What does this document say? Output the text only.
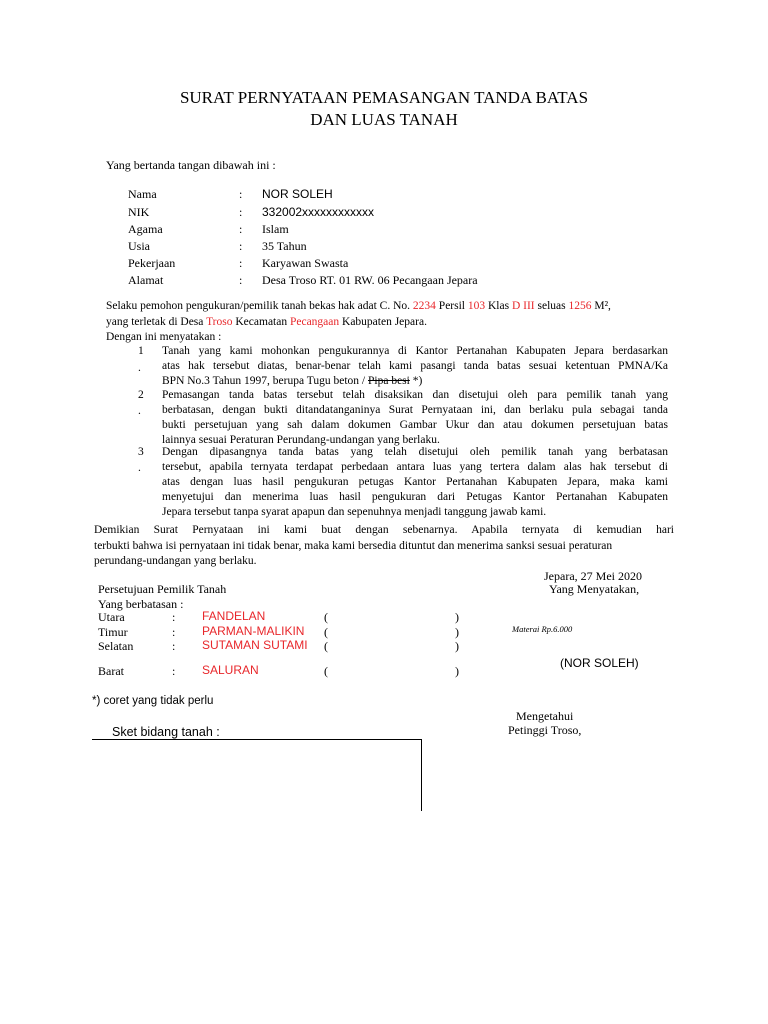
SURAT PERNYATAAN PEMASANGAN TANDA BATAS
DAN LUAS TANAH
Yang bertanda tangan dibawah ini :
Nama	: NOR SOLEH
NIK	: 332002xxxxxxxxxxxx
Agama	: Islam
Usia	: 35 Tahun
Pekerjaan	: Karyawan Swasta
Alamat	: Desa Troso RT. 01 RW. 06 Pecangaan Jepara
Selaku pemohon pengukuran/pemilik tanah bekas hak adat C. No. 2234 Persil 103 Klas D III seluas 1256 M²,
yang terletak di Desa Troso Kecamatan Pecangaan Kabupaten Jepara.
Dengan ini menyatakan :
1
.
Tanah yang kami mohonkan pengukurannya di Kantor Pertanahan Kabupaten Jepara berdasarkan
atas hak tersebut diatas, benar-benar telah kami pasangi tanda batas sesuai ketentuan PMNA/Ka
BPN No.3 Tahun 1997, berupa Tugu beton / Pipa besi *)
2
.
Pemasangan tanda batas tersebut telah disaksikan dan disetujui oleh para pemilik tanah yang
berbatasan, dengan bukti ditandatanganinya Surat Pernyataan ini, dan berlaku pula sebagai tanda
bukti persetujuan yang sah dalam dokumen Gambar Ukur dan atau dokumen persetujuan batas
lainnya sesuai Peraturan Perundang-undangan yang berlaku.
3
.
Dengan dipasangnya tanda batas yang telah disetujui oleh pemilik tanah yang berbatasan
tersebut, apabila ternyata terdapat perbedaan antara luas yang tertera dalam alas hak tersebut di
atas dengan luas hasil pengukuran petugas Kantor Pertanahan Kabupaten Jepara, maka kami
menyetujui dan menerima luas hasil pengukuran dari Petugas Kantor Pertanahan Kabupaten
Jepara tersebut tanpa syarat apapun dan sepenuhnya menjadi tanggung jawab kami.
Demikian Surat Pernyataan ini kami buat dengan sebenarnya. Apabila ternyata di kemudian hari
terbukti bahwa isi pernyataan ini tidak benar, maka kami bersedia dituntut dan menerima sanksi sesuai peraturan
perundang-undangan yang berlaku.
Jepara, 27 Mei 2020
Yang Menyatakan,
Materai Rp.6.000
(NOR SOLEH)
Persetujuan Pemilik Tanah
Yang berbatasan :
Utara	: FANDELAN	(	)
Timur	: PARMAN-MALIKIN (	)
Selatan	: SUTAMAN SUTAMI (	)
Barat	: SALURAN	(	)
*) coret yang tidak perlu
Mengetahui
Petinggi Troso,
Sket bidang tanah :
